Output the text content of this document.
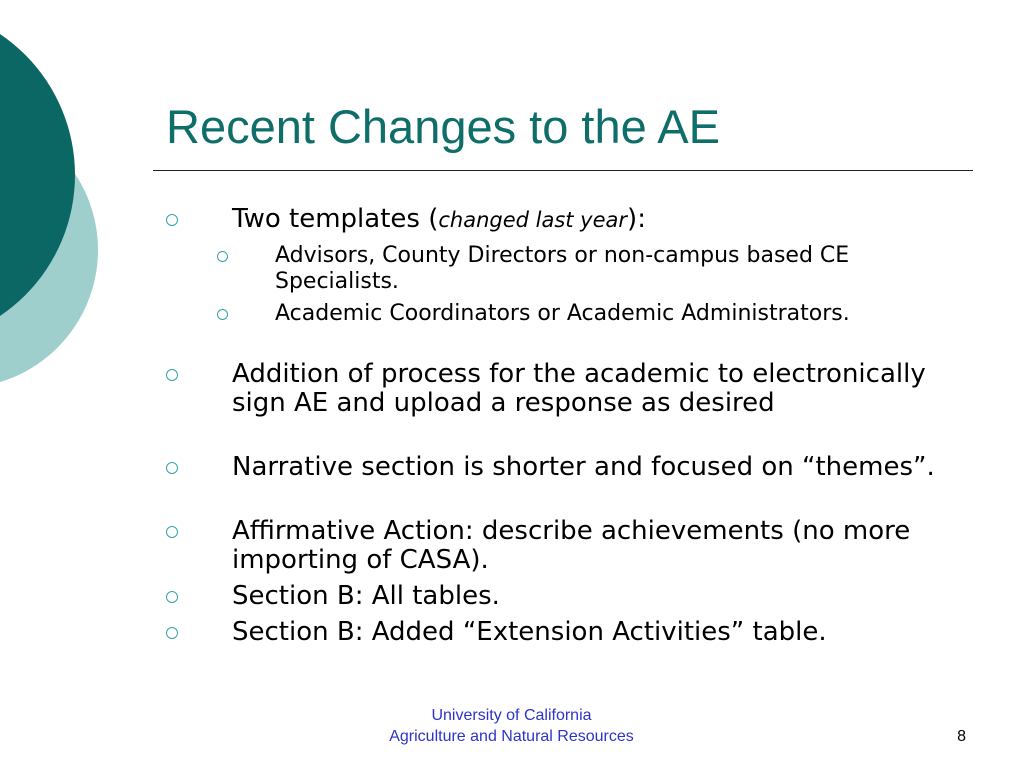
Recent Changes to the AE
Two templates (changed last year):
Advisors, County Directors or non-campus based CE Specialists.
Academic Coordinators or Academic Administrators.
Addition of process for the academic to electronically sign AE and upload a response as desired
Narrative section is shorter and focused on “themes”.
Affirmative Action: describe achievements (no more importing of CASA).
Section B: All tables.
Section B: Added “Extension Activities” table.
University of California
Agriculture and Natural Resources	8
